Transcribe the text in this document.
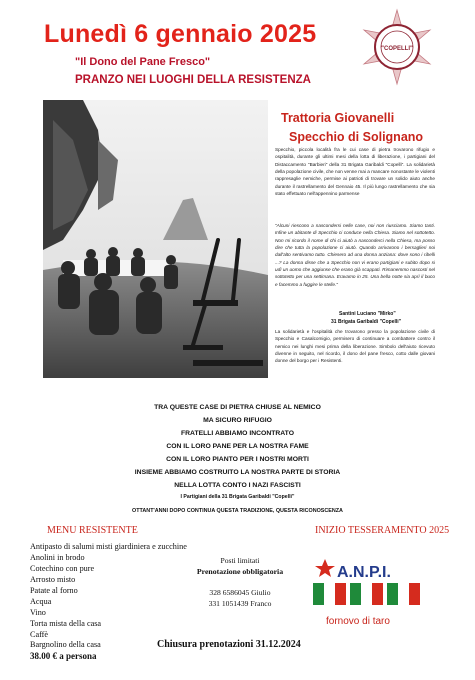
Lunedì 6 gennaio 2025
"COPELLI"
"Il Dono del Pane Fresco"
PRANZO NEI LUOGHI DELLA RESISTENZA
Trattoria Giovanelli
Specchio di Solignano
Specchio, piccola località fra le cui case di pietra trovarono rifugio e ospitalità, durante gli ultimi mesi della lotta di liberazione, i partigiani del Distaccamento "Barbieri" della 31 Brigata Garibaldi "Copelli". La solidarietà della popolazione civile, che non venne mai a mancare nonostante le violenti rappresaglie nemiche, permise ai patrioti di trovare un solido aiuto anche durante il rastrellamento del Gennaio 45. Il più lungo rastrellamento che sia stato effettuato nell'appennino parmense
"Alcuni riescono a nascondersi nelle case, noi non riusciamo. Siamo tanti. Infine un abitante di Specchio ci conduce nella Chiesa. Siamo nel sottotetto. Non mi ricordo il nome di chi ci aiutò a nasconderci nella Chiesa, ma posso dire che tutta la popolazione ci aiutò. Quando arrivarono i bersaglieri noi dall'alto sentivamo tutto. Chiesero ad una donna anziana: dove sono i ribelli ...? La donna disse che a Specchio non vi erano partigiani e subito dopo si udì un uomo che aggiunse che erano già scappati. Rimanemmo nascosti nel sottotetto per una settimana. Eravamo in 25. Una bella notte sia aprì il buco e facemmo a fuggire le stelle."
Santini Luciano "Mirko"
31 Brigata Garibaldi "Copelli"
La solidarietà e l'ospitalità che trovarono presso la popolazione civile di Specchio e Casalcomigio, permisero di continuare a combattere contro il nemico nei lunghi mesi prima della liberazione. Simbolo dell'aiuto ricevuto divenne in seguito, nel ricordo, il dono del pane fresco, cotto dalle giovani donne del borgo per i Resistenti.
TRA QUESTE CASE DI PIETRA CHIUSE AL NEMICO
MA SICURO RIFUGIO
FRATELLI ABBIAMO INCONTRATO
CON IL LORO PANE PER LA NOSTRA FAME
CON IL LORO PIANTO PER I NOSTRI MORTI
INSIEME ABBIAMO COSTRUITO LA NOSTRA PARTE DI STORIA
NELLA LOTTA CONTO I NAZI FASCISTI
I Partigiani della 31 Brigata Garibaldi "Copelli"
OTTANT'ANNI DOPO CONTINUA QUESTA TRADIZIONE, QUESTA RICONOSCENZA
MENU RESISTENTE	INIZIO TESSERAMENTO 2025
Antipasto di salumi misti giardiniera e zucchine
Anolini in brodo
Cotechino con pure
Arrosto misto
Patate al forno
Acqua
Vino
Torta mista della casa
Caffè
Bargnolino della casa
38.00 € a persona
Posti limitati
Prenotazione obbligatoria
328 6586045 Giulio
331 1051439 Franco
A.N.P.I.
fornovo di taro
Chiusura prenotazioni 31.12.2024
